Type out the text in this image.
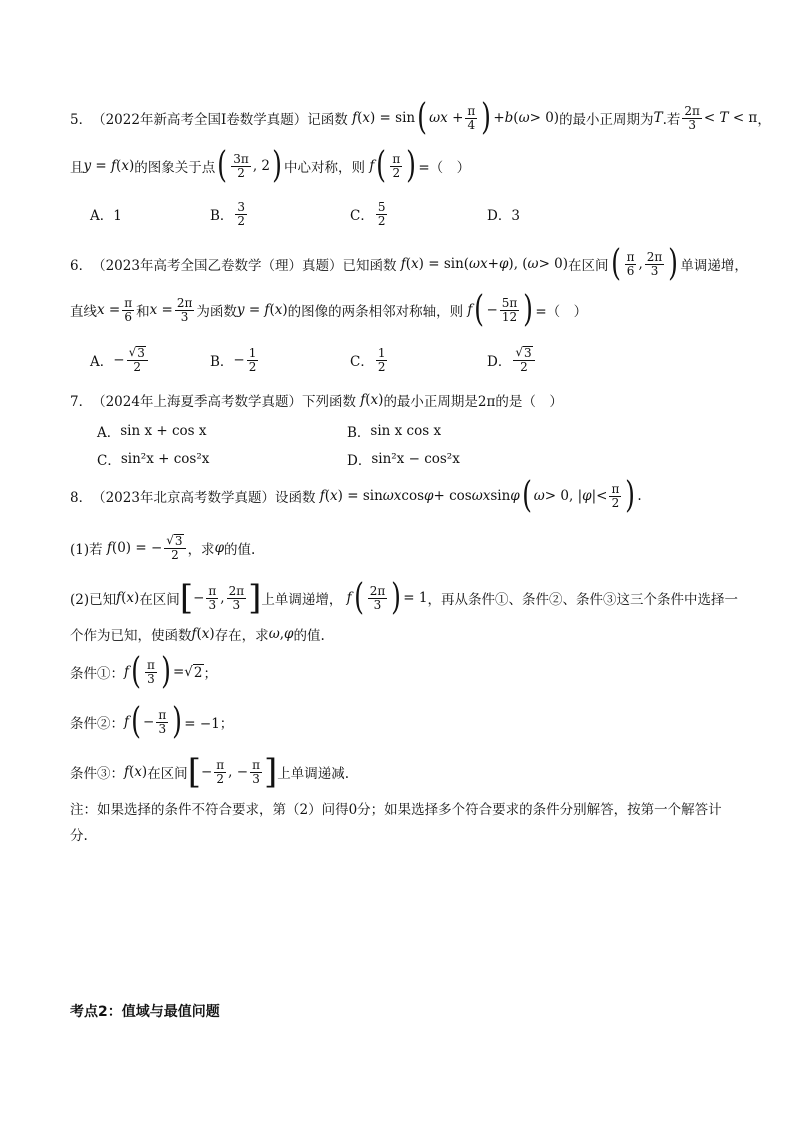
5． （2022年新高考全国I卷数学真题） 记函数 f ( x ) = sin ( $\omega x + \frac{\pi}{4}$ ) + b ( ω > 0) 的最小正周期为 T .若 $\frac{2\pi}{3} < T < \pi$ ，
且 y = f ( x ) 的图象关于点 ( $\frac{3\pi}{2}$ , 2 ) 中心对称，则 f ( $\frac{\pi}{2}$ ) =（　）
A．1	B． $\frac{3}{2}$	C． $\frac{5}{2}$	D．3
6． （2023年高考全国乙卷数学（理）真题） 已知函数 f ( x ) = sin( ωx + φ ), ( ω > 0) 在区间 ( $\frac{\pi}{6}$ , $\frac{2\pi}{3}$ ) 单调递增，
直线 $x = \frac{\pi}{6}$ 和 $x = \frac{2\pi}{3}$ 为函数 y = f ( x ) 的图像的两条相邻对称轴，则 f ( − $\frac{5\pi}{12}$ ) =（　）
A． − $\frac{√ 3}{2}$	B． − $\frac{1}{2}$	C． $\frac{1}{2}$	D． $\frac{√ 3}{2}$
7． （2024年上海夏季高考数学真题） 下列函数 f ( x ) 的最小正周期是2π的是（　）
A． sin x + cos x	B． sin x cos x
C． sin²x + cos²x	D． sin²x − cos²x
8． （2023年北京高考数学真题） 设函数 f ( x ) = sin ωx cos φ + cos ωx sin φ ( ω > 0, | φ |< $\frac{\pi}{2}$ ) .
(1)若 f (0) = − $\frac{√ 3}{2}$ ，求 φ 的值.
(2)已知 f ( x ) 在区间 [ − $\frac{\pi}{3}$ , $\frac{2\pi}{3}$ ] 上单调递增， f ( $\frac{2\pi}{3}$ ) = 1 ，再从条件①、条件②、条件③这三个条件中选择一
个作为已知，使函数 f ( x ) 存在，求 ω , φ 的值.
条件①： f ( $\frac{\pi}{3}$ ) = √ 2 ；
条件②： f ( − $\frac{\pi}{3}$ ) = −1；
条件③： f ( x ) 在区间 [ − $\frac{\pi}{2}$ , − $\frac{\pi}{3}$ ] 上单调递减.
注：如果选择的条件不符合要求，第（2）问得0分；如果选择多个符合要求的条件分别解答，按第一个解答计分.
考点2：值域与最值问题
